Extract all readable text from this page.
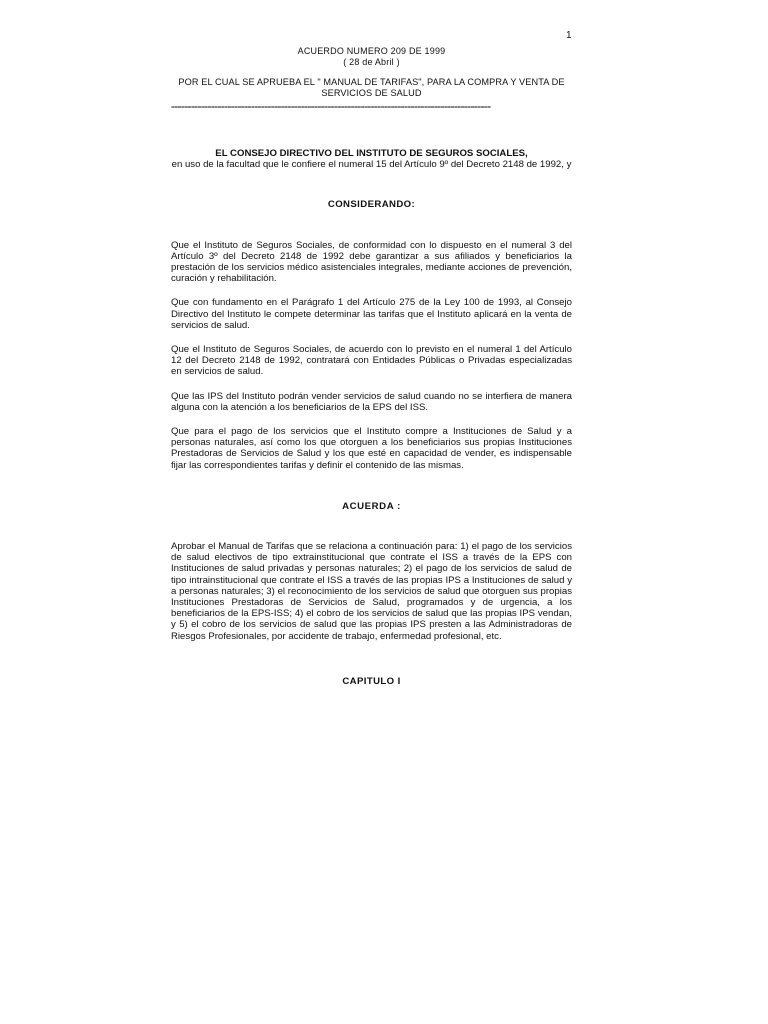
1
ACUERDO NUMERO 209 DE 1999
( 28 de Abril )
POR EL CUAL SE APRUEBA EL " MANUAL DE TARIFAS", PARA LA COMPRA Y VENTA DE SERVICIOS DE SALUD
================================================================================================
EL CONSEJO DIRECTIVO DEL INSTITUTO DE SEGUROS SOCIALES,
en uso de la facultad que le confiere el numeral 15 del Artículo 9º del Decreto 2148 de 1992, y
CONSIDERANDO:

Que el Instituto de Seguros Sociales, de conformidad con lo dispuesto en el numeral 3 del Artículo 3º del Decreto 2148 de 1992 debe garantizar a sus afiliados y beneficiarios la prestación de los servicios médico asistenciales integrales, mediante acciones de prevención, curación y rehabilitación.

Que con fundamento en el Parágrafo 1 del Artículo 275 de la Ley 100 de 1993, al Consejo Directivo del Instituto le compete determinar las tarifas que el Instituto aplicará en la venta de servicios de salud.

Que el Instituto de Seguros Sociales, de acuerdo con lo previsto en el numeral 1 del Artículo 12 del Decreto 2148 de 1992, contratará con Entidades Públicas o Privadas especializadas en servicios de salud.

Que las IPS del Instituto podrán vender servicios de salud cuando no se interfiera de manera alguna con la atención a los beneficiarios de la EPS del ISS.

Que para el pago de los servicios que el Instituto compre a Instituciones de Salud y a personas naturales, así como los que otorguen a los beneficiarios sus propias Instituciones Prestadoras de Servicios de Salud y los que esté en capacidad de vender, es indispensable fijar las correspondientes tarifas y definir el contenido de las mismas.

ACUERDA :

Aprobar el Manual de Tarifas que se relaciona a continuación para: 1) el pago de los servicios de salud electivos de tipo extrainstitucional que contrate el ISS a través de la EPS con Instituciones de salud privadas y personas naturales; 2) el pago de los servicios de salud de tipo intrainstitucional que contrate el ISS a través de las propias IPS a Instituciones de salud y a personas naturales; 3) el reconocimiento de los servicios de salud que otorguen sus propias Instituciones Prestadoras de Servicios de Salud, programados y de urgencia, a los beneficiarios de la EPS-ISS; 4) el cobro de los servicios de salud que las propias IPS vendan, y 5) el cobro de los servicios de salud que las propias IPS presten a las Administradoras de Riesgos Profesionales, por accidente de trabajo, enfermedad profesional, etc.

CAPITULO I
